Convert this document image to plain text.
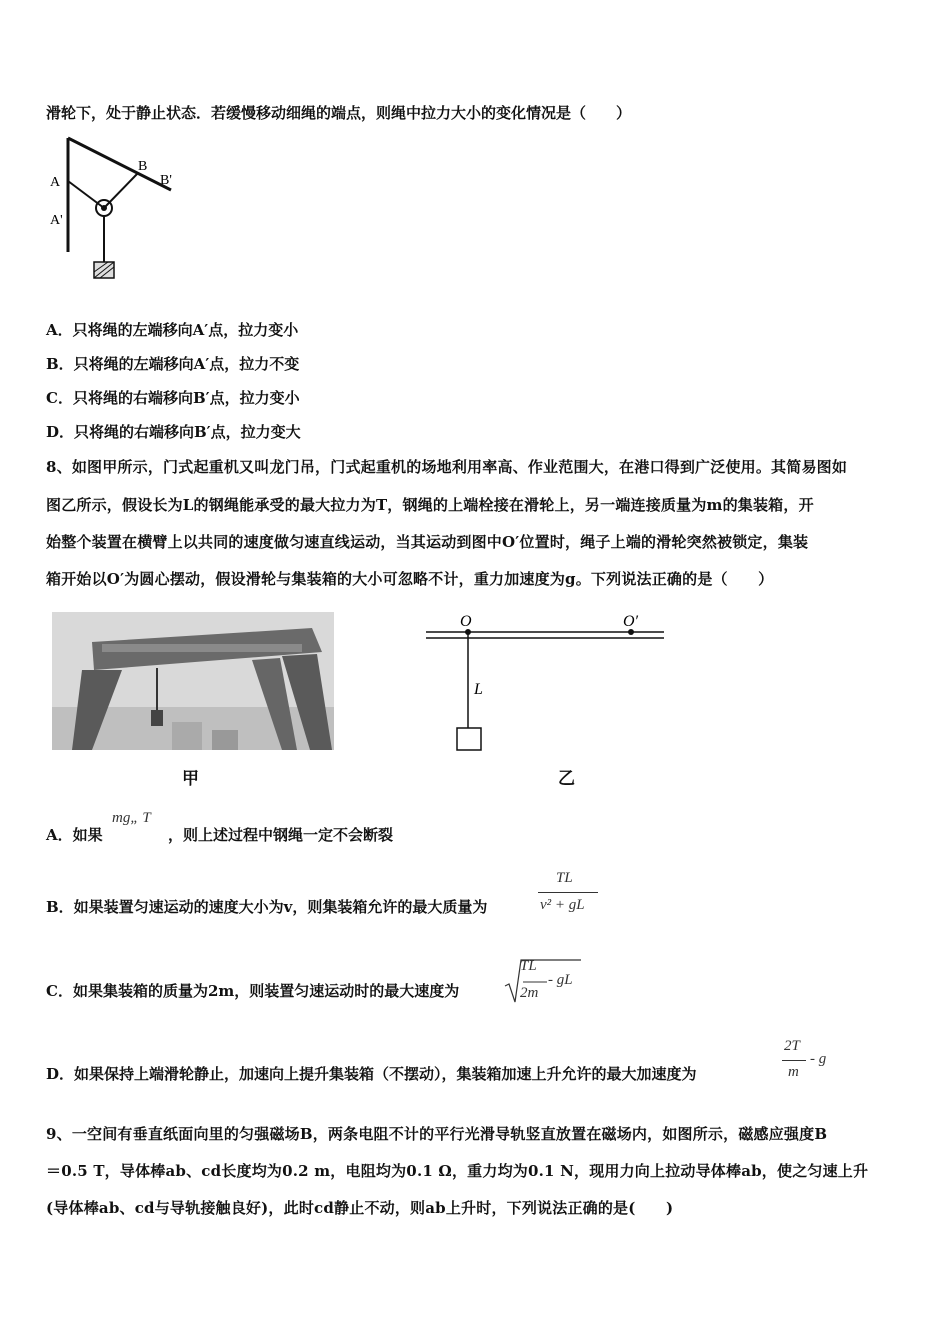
滑轮下，处于静止状态．若缓慢移动细绳的端点，则绳中拉力大小的变化情况是（　　）
A
A'
B
B'
A．只将绳的左端移向A′点，拉力变小
B．只将绳的左端移向A′点，拉力不变
C．只将绳的右端移向B′点，拉力变小
D．只将绳的右端移向B′点，拉力变大
8、如图甲所示，门式起重机又叫龙门吊，门式起重机的场地利用率高、作业范围大，在港口得到广泛使用。其简易图如
图乙所示，假设长为L的钢绳能承受的最大拉力为T，钢绳的上端栓接在滑轮上，另一端连接质量为m的集装箱，开
始整个装置在横臂上以共同的速度做匀速直线运动，当其运动到图中O′位置时，绳子上端的滑轮突然被锁定，集装
箱开始以O′为圆心摆动，假设滑轮与集装箱的大小可忽略不计，重力加速度为g。下列说法正确的是（　　）
甲
O	O′
L
乙
A．如果
mg„ T
，则上述过程中钢绳一定不会断裂
B．如果装置匀速运动的速度大小为v，则集装箱允许的最大质量为
TL
v² + gL
C．如果集装箱的质量为2m，则装置匀速运动时的最大速度为
TL
2m
- gL
D．如果保持上端滑轮静止，加速向上提升集装箱（不摆动），集装箱加速上升允许的最大加速度为
2T
m
- g
9、一空间有垂直纸面向里的匀强磁场B，两条电阻不计的平行光滑导轨竖直放置在磁场内，如图所示，磁感应强度B
＝0.5 T，导体棒ab、cd长度均为0.2 m，电阻均为0.1 Ω，重力均为0.1 N，现用力向上拉动导体棒ab，使之匀速上升
(导体棒ab、cd与导轨接触良好)，此时cd静止不动，则ab上升时，下列说法正确的是(　　)
